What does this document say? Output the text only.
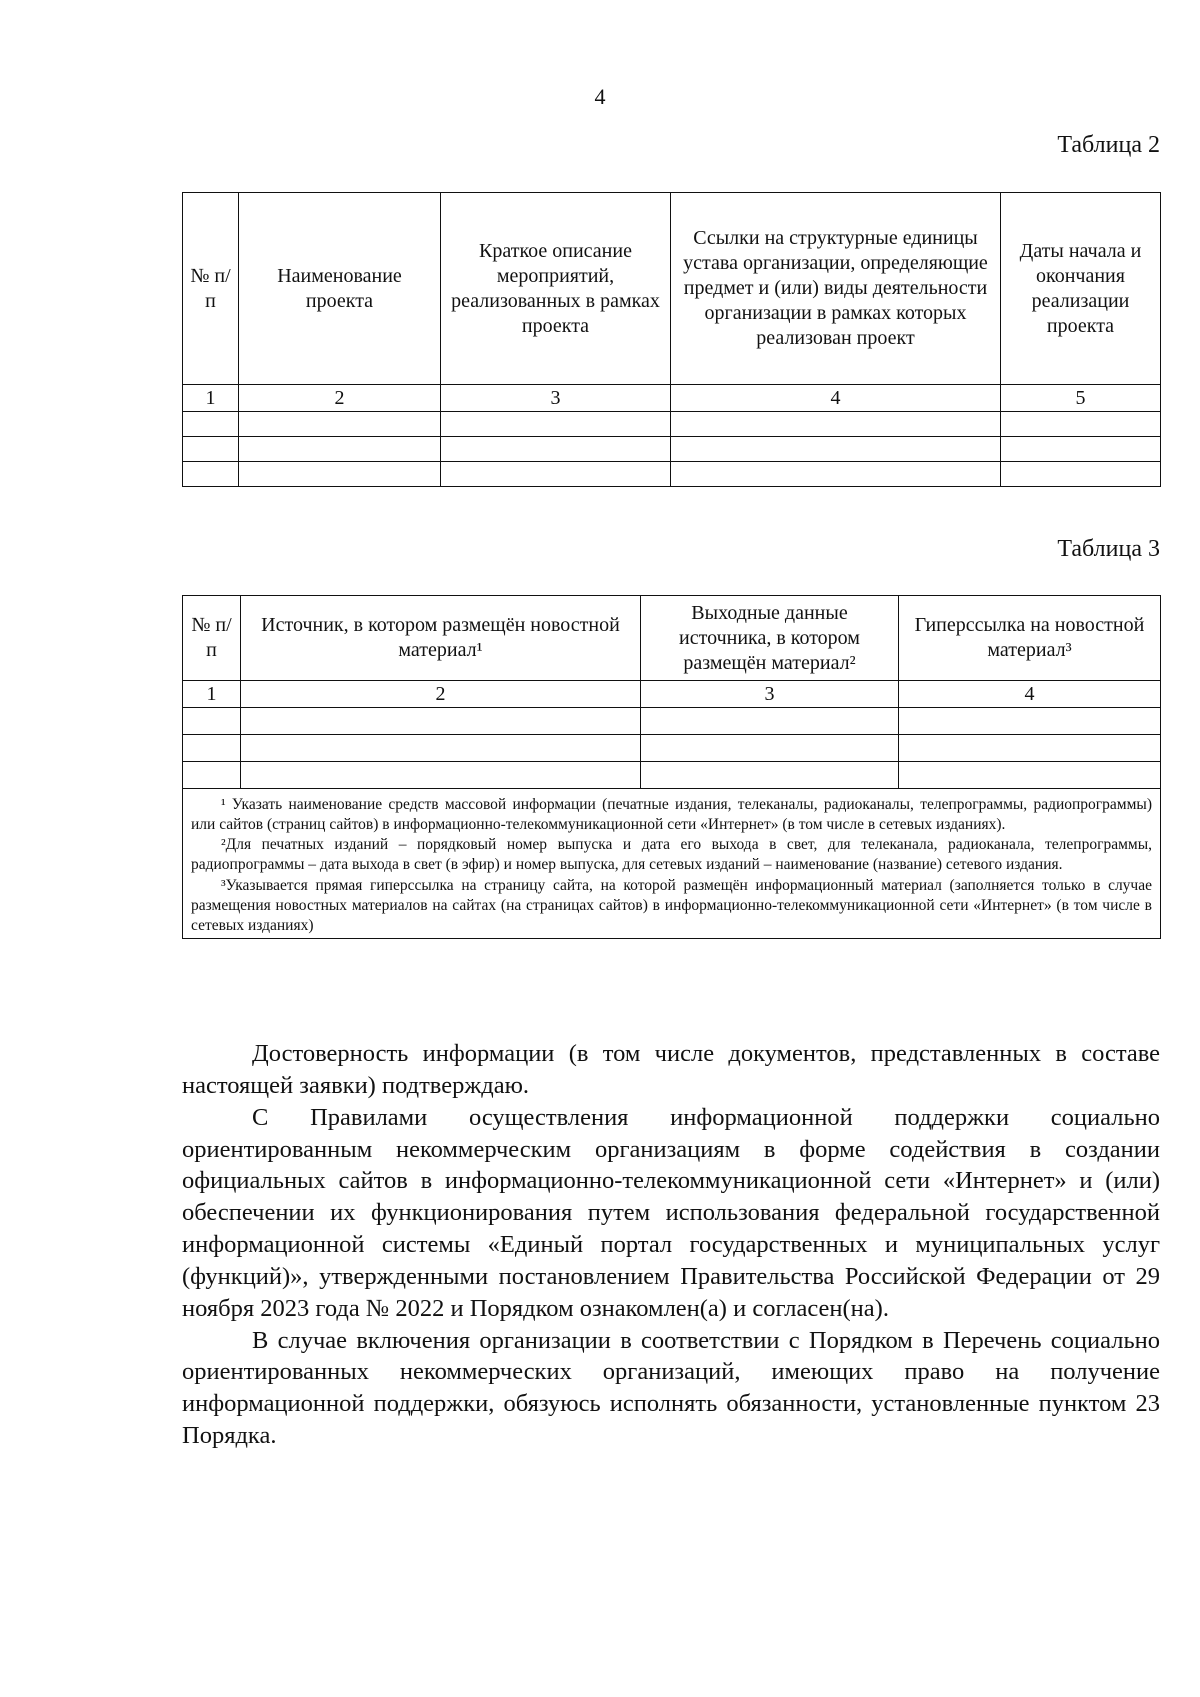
4
Таблица 2
№ п/п	Наименование проекта	Краткое описание мероприятий, реализованных в рамках проекта	Ссылки на структурные единицы устава организации, определяющие предмет и (или) виды деятельности организации в рамках которых реализован проект	Даты начала и окончания реализации проекта
1	2	3	4	5

Таблица 3
№ п/п	Источник, в котором размещён новостной материал¹	Выходные данные источника, в котором размещён материал²	Гиперссылка на новостной материал³
1	2	3	4

¹ Указать наименование средств массовой информации (печатные издания, телеканалы, радиоканалы, телепрограммы, радиопрограммы) или сайтов (страниц сайтов) в информационно-телекоммуникационной сети «Интернет» (в том числе в сетевых изданиях).
²Для печатных изданий – порядковый номер выпуска и дата его выхода в свет, для телеканала, радиоканала, телепрограммы, радиопрограммы – дата выхода в свет (в эфир) и номер выпуска, для сетевых изданий – наименование (название) сетевого издания.
³Указывается прямая гиперссылка на страницу сайта, на которой размещён информационный материал (заполняется только в случае размещения новостных материалов на сайтах (на страницах сайтов) в информационно-телекоммуникационной сети «Интернет» (в том числе в сетевых изданиях)			

Достоверность информации (в том числе документов, представленных в составе настоящей заявки) подтверждаю.

С Правилами осуществления информационной поддержки социально ориентированным некоммерческим организациям в форме содействия в создании официальных сайтов в информационно-телекоммуникационной сети «Интернет» и (или) обеспечении их функционирования путем использования федеральной государственной информационной системы «Единый портал государственных и муниципальных услуг (функций)», утвержденными постановлением Правительства Российской Федерации от 29 ноября 2023 года № 2022 и Порядком ознакомлен(а) и согласен(на).

В случае включения организации в соответствии с Порядком в Перечень социально ориентированных некоммерческих организаций, имеющих право на получение информационной поддержки, обязуюсь исполнять обязанности, установленные пунктом 23 Порядка.
